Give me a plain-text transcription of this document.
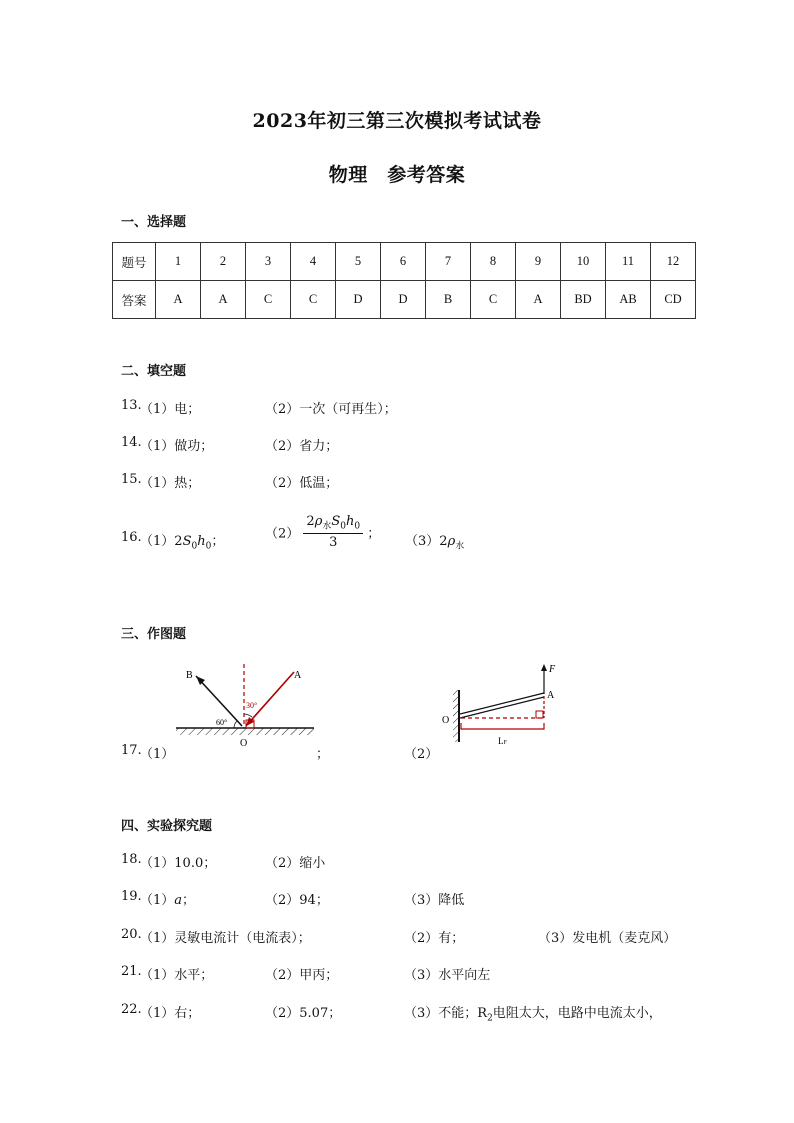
2023年初三第三次模拟考试试卷
物理　参考答案
一、选择题
题号	1	2	3	4	5	6	7	8	9	10	11	12
答案	A	A	C	C	D	D	B	C	A	BD	AB	CD
二、填空题
13.
（1）电；	（2）一次（可再生）；
14.
（1）做功；	（2）省力；
15.
（1）热；	（2）低温；
16.
$(1)2S_0h_0$；
$(2) \frac{2\rho_水S_0h_0}{3}$ ；
$(3)2\rho_水$
三、作图题
B	A
O
30°
60°
F
A
O
LF
17.
（1）	；	（2）
四、实验探究题
18.
（1）10.0；	（2）缩小
19.
（1）a；	（2）94；	（3）降低
20.
（1）灵敏电流计（电流表）；	（2）有；	（3）发电机（麦克风）
21.
（1）水平；	（2）甲丙；	（3）水平向左
22.
（1）右；	（2）5.07；	（3）不能；$R_2$电阻太大，电路中电流太小，
